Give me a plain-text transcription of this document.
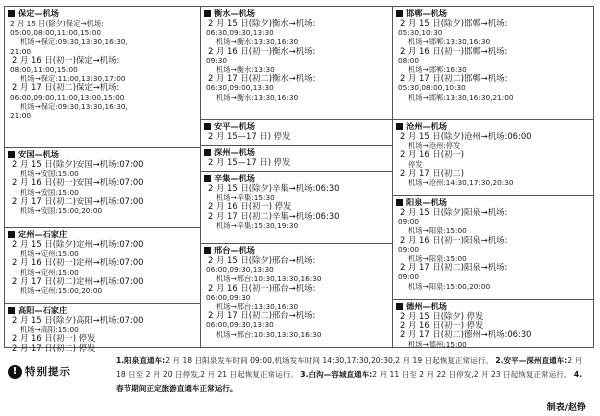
保定—机场
2 月 15 日(除夕)保定→机场:
05:00,08:00,11:00,15:00
机场→保定:09:30,13:30,16:30,
21:00
2 月 16 日(初一)保定→机场:
08:00,11:00,15:00
机场→保定:11:00,13:30,17:00
2 月 17 日(初二)保定→机场:
06:00,09:00,11:00,13:00,15:00
机场→保定:09:30,13:30,16:30,
21:00
安国—机场
2 月 15 日(除夕)安国→机场:07:00
机场→安国:15:00
2 月 16 日(初一)安国→机场:07:00
机场→安国:15:00
2 月 17 日(初二)安国→机场:07:00
机场→安国:15:00,20:00
定州—石家庄
2 月 15 日(除夕)定州→机场:07:00
机场→定州:15:00
2 月 16 日(初一)定州→机场:07:00
机场→定州:15:00
2 月 17 日(初二)定州→机场:07:00
机场→定州:15:00,20:00
高阳—石家庄
2 月 15 日(除夕)高阳→机场:07:00
机场→高阳:15:00
2 月 16 日(初一) 停发
2 月 17 日(初二) 停发
衡水—机场
2 月 15 日(除夕)衡水→机场:
06:30,09:30,13:30
机场→衡水:13:30,16:30
2 月 16 日(初一)衡水→机场:
09:30
机场→衡水:13:30
2 月 17 日(初二)衡水→机场:
06:30,09:00,13:30
机场→衡水:13:30,16:30
安平—机场
2 月 15—17 日) 停发
深州—机场
2 月 15—17 日) 停发
辛集—机场
2 月 15 日(除夕)辛集→机场:06:30
机场→辛集:15:30
2 月 16 日(初一) 停发
2 月 17 日(初二)辛集→机场:06:30
机场→辛集:15:30,19:30
邢台—机场
2 月 15 日(除夕)邢台→机场:
06:00,09:30,13:30
机场→邢台:10:30,13:30,16:30
2 月 16 日(初一)邢台→机场:
06:00,09:30
机场→邢台:13:30,16:30
2 月 17 日(初二)邢台→机场:
06:00,09:30,13:30
机场→邢台:10:30,13:30,16:30
邯郸—机场
2 月 15 日(除夕)邯郸→机场:
05:30,10:30
机场→邯郸:13:30,16:30
2 月 16 日(初一)邯郸→机场:
08:00
机场→邯郸:16:30
2 月 17 日(初二)邯郸→机场:
05:30,08:00,10:30
机场→邯郸:13:30,16:30,21:00
沧州—机场
2 月 15 日(除夕)沧州→机场:06:00
机场→沧州:停发
2 月 16 日(初一)
停发
2 月 17 日(初二)
机场→沧州:14:30,17:30,20:30
阳泉—机场
2 月 15 日(除夕)阳泉→机场:
09:00
机场→阳泉:15:00
2 月 16 日(初一)阳泉→机场:
09:00
机场→阳泉:15:00
2 月 17 日(初二)阳泉→机场:
09:00
机场→阳泉:15:00,20:00
德州—机场
2 月 15 日(除夕) 停发
2 月 16 日(初一) 停发
2 月 17 日(初二)德州→机场:06:30
机场→德州:15:00
! 特别提示
1.阳泉直通车:2 月 18 日阳泉发车时间 09:00,机场发车时间 14:30,17:30,20:30,2 月 19 日起恢复正常运行。 2.安平—深州直通车:2 月 18 日至 2 月 20 日停发,2 月 21 日起恢复正常运行。 3.白沟—容城直通车:2 月 11 日至 2 月 22 日停发,2 月 23 日起恢复正常运行。 4.春节期间正定旅游直通车正常运行。
制表/赵铮
